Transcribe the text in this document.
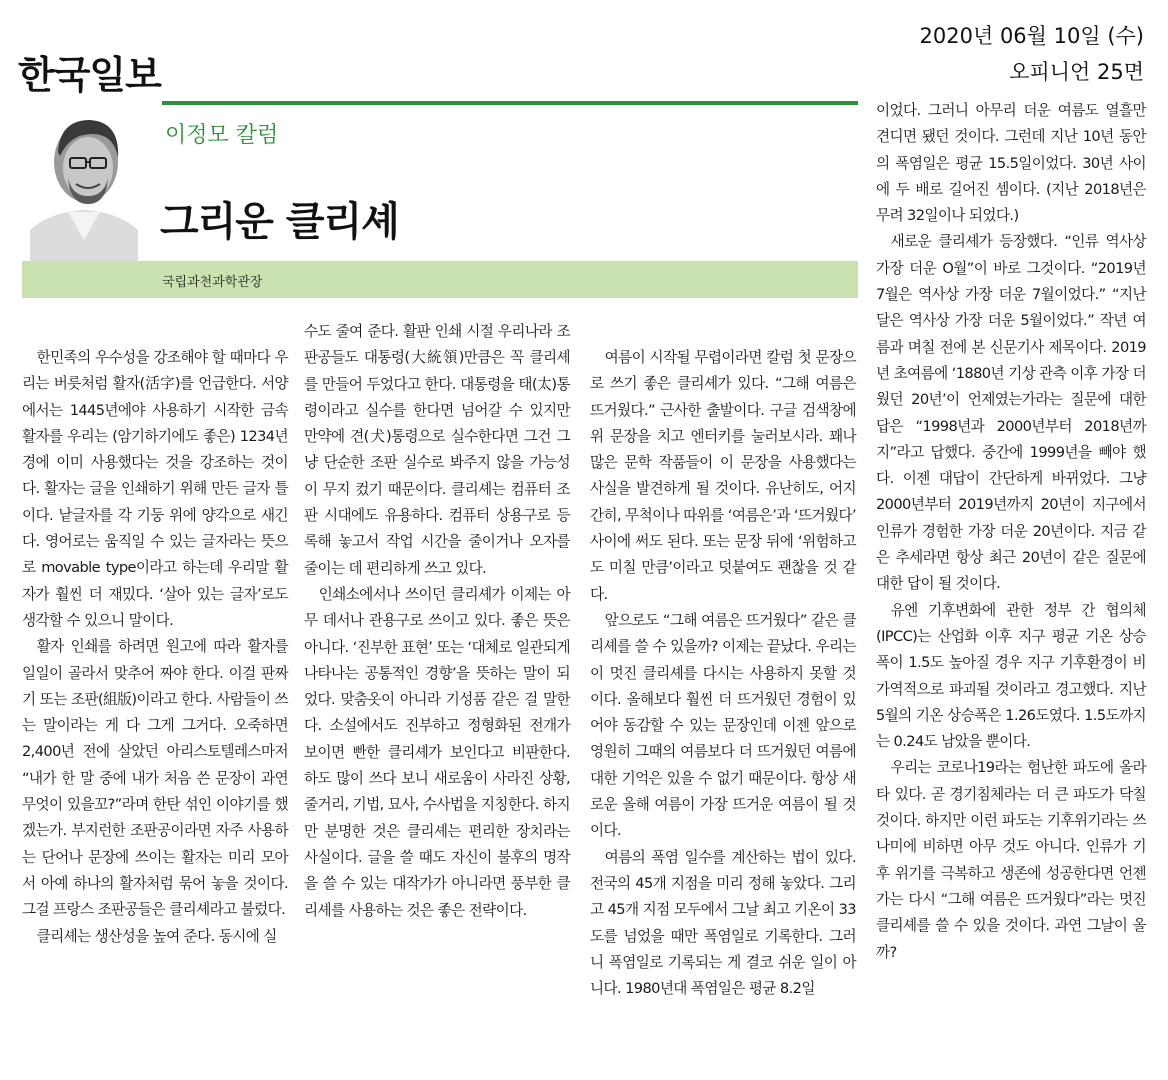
한국일보
2020년 06월 10일 (수)
오피니언 25면
이정모 칼럼
그리운 클리셰
국립과천과학관장

한민족의 우수성을 강조해야 할 때마다 우리는 버릇처럼 활자(活字)를 언급한다. 서양에서는 1445년에야 사용하기 시작한 금속활자를 우리는 (암기하기에도 좋은) 1234년경에 이미 사용했다는 것을 강조하는 것이다. 활자는 글을 인쇄하기 위해 만든 글자 틀이다. 낱글자를 각 기둥 위에 양각으로 새긴다. 영어로는 움직일 수 있는 글자라는 뜻으로 movable type이라고 하는데 우리말 활자가 훨씬 더 재밌다. ‘살아 있는 글자’로도 생각할 수 있으니 말이다.

활자 인쇄를 하려면 원고에 따라 활자를 일일이 골라서 맞추어 짜야 한다. 이걸 판짜기 또는 조판(組版)이라고 한다. 사람들이 쓰는 말이라는 게 다 그게 그거다. 오죽하면 2,400년 전에 살았던 아리스토텔레스마저 “내가 한 말 중에 내가 처음 쓴 문장이 과연 무엇이 있을꼬?”라며 한탄 섞인 이야기를 했겠는가. 부지런한 조판공이라면 자주 사용하는 단어나 문장에 쓰이는 활자는 미리 모아서 아예 하나의 활자처럼 묶어 놓을 것이다. 그걸 프랑스 조판공들은 클리셰라고 불렀다.

클리셰는 생산성을 높여 준다. 동시에 실

수도 줄여 준다. 활판 인쇄 시절 우리나라 조판공들도 대통령(大統領)만큼은 꼭 클리셰를 만들어 두었다고 한다. 대통령을 태(太)통령이라고 실수를 한다면 넘어갈 수 있지만 만약에 견(犬)통령으로 실수한다면 그건 그냥 단순한 조판 실수로 봐주지 않을 가능성이 무지 컸기 때문이다. 클리셰는 컴퓨터 조판 시대에도 유용하다. 컴퓨터 상용구로 등록해 놓고서 작업 시간을 줄이거나 오자를 줄이는 데 편리하게 쓰고 있다.

인쇄소에서나 쓰이던 클리셰가 이제는 아무 데서나 관용구로 쓰이고 있다. 좋은 뜻은 아니다. ‘진부한 표현’ 또는 ‘대체로 일관되게 나타나는 공통적인 경향’을 뜻하는 말이 되었다. 맞춤옷이 아니라 기성품 같은 걸 말한다. 소설에서도 진부하고 정형화된 전개가 보이면 빤한 클리셰가 보인다고 비판한다. 하도 많이 쓰다 보니 새로움이 사라진 상황, 줄거리, 기법, 묘사, 수사법을 지칭한다. 하지만 분명한 것은 클리셰는 편리한 장치라는 사실이다. 글을 쓸 때도 자신이 불후의 명작을 쓸 수 있는 대작가가 아니라면 풍부한 클리셰를 사용하는 것은 좋은 전략이다.

여름이 시작될 무렵이라면 칼럼 첫 문장으로 쓰기 좋은 클리셰가 있다. “그해 여름은 뜨거웠다.” 근사한 출발이다. 구글 검색창에 위 문장을 치고 엔터키를 눌러보시라. 꽤나 많은 문학 작품들이 이 문장을 사용했다는 사실을 발견하게 될 것이다. 유난히도, 어지간히, 무척이나 따위를 ‘여름은’과 ‘뜨거웠다’ 사이에 써도 된다. 또는 문장 뒤에 ‘위험하고도 미칠 만큼’이라고 덧붙여도 괜찮을 것 같다.

앞으로도 “그해 여름은 뜨거웠다” 같은 클리셰를 쓸 수 있을까? 이제는 끝났다. 우리는 이 멋진 클리셰를 다시는 사용하지 못할 것이다. 올해보다 훨씬 더 뜨거웠던 경험이 있어야 동감할 수 있는 문장인데 이젠 앞으로 영원히 그때의 여름보다 더 뜨거웠던 여름에 대한 기억은 있을 수 없기 때문이다. 항상 새로운 올해 여름이 가장 뜨거운 여름이 될 것이다.

여름의 폭염 일수를 계산하는 법이 있다. 전국의 45개 지점을 미리 정해 놓았다. 그리고 45개 지점 모두에서 그날 최고 기온이 33도를 넘었을 때만 폭염일로 기록한다. 그러니 폭염일로 기록되는 게 결코 쉬운 일이 아니다. 1980년대 폭염일은 평균 8.2일

이었다. 그러니 아무리 더운 여름도 열흘만 견디면 됐던 것이다. 그런데 지난 10년 동안의 폭염일은 평균 15.5일이었다. 30년 사이에 두 배로 길어진 셈이다. (지난 2018년은 무려 32일이나 되었다.)

새로운 클리셰가 등장했다. “인류 역사상 가장 더운 O월”이 바로 그것이다. “2019년 7월은 역사상 가장 더운 7월이었다.” “지난달은 역사상 가장 더운 5월이었다.” 작년 여름과 며칠 전에 본 신문기사 제목이다. 2019년 초여름에 ‘1880년 기상 관측 이후 가장 더웠던 20년’이 언제였는가라는 질문에 대한 답은 “1998년과 2000년부터 2018년까지”라고 답했다. 중간에 1999년을 빼야 했다. 이젠 대답이 간단하게 바뀌었다. 그냥 2000년부터 2019년까지 20년이 지구에서 인류가 경험한 가장 더운 20년이다. 지금 같은 추세라면 항상 최근 20년이 같은 질문에 대한 답이 될 것이다.

유엔 기후변화에 관한 정부 간 협의체(IPCC)는 산업화 이후 지구 평균 기온 상승 폭이 1.5도 높아질 경우 지구 기후환경이 비가역적으로 파괴될 것이라고 경고했다. 지난 5월의 기온 상승폭은 1.26도였다. 1.5도까지는 0.24도 남았을 뿐이다.

우리는 코로나19라는 험난한 파도에 올라타 있다. 곧 경기침체라는 더 큰 파도가 닥칠 것이다. 하지만 이런 파도는 기후위기라는 쓰나미에 비하면 아무 것도 아니다. 인류가 기후 위기를 극복하고 생존에 성공한다면 언젠가는 다시 “그해 여름은 뜨거웠다”라는 멋진 클리셰를 쓸 수 있을 것이다. 과연 그날이 올까?
